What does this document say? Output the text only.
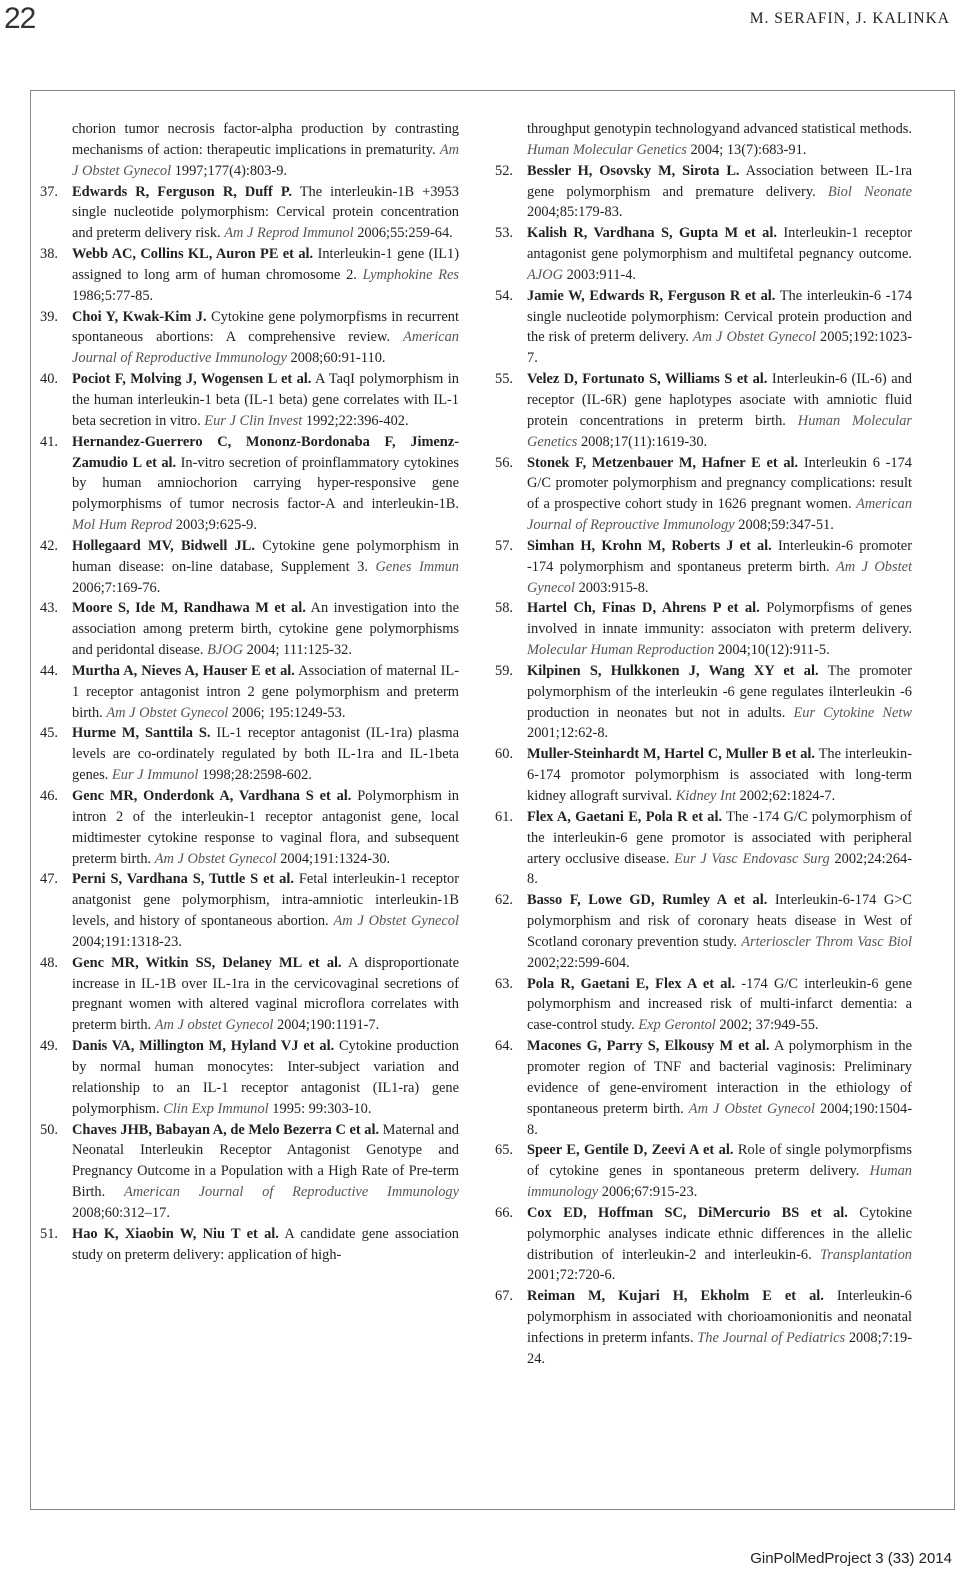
22	M. SERAFIN, J. KALINKA
chorion tumor necrosis factor-alpha production by contrasting mechanisms of action: therapeutic implications in prematurity. Am J Obstet Gynecol 1997;177(4):803-9.
37. Edwards R, Ferguson R, Duff P. The interleukin-1B +3953 single nucleotide polymorphism: Cervical protein concentration and preterm delivery risk. Am J Reprod Immunol 2006;55:259-64.
38. Webb AC, Collins KL, Auron PE et al. Interleukin-1 gene (IL1) assigned to long arm of human chromosome 2. Lymphokine Res 1986;5:77-85.
39. Choi Y, Kwak-Kim J. Cytokine gene polymorpfisms in recurrent spontaneous abortions: A comprehensive review. American Journal of Reproductive Immunology 2008;60:91-110.
40. Pociot F, Molving J, Wogensen L et al. A TaqI polymorphism in the human interleukin-1 beta (IL-1 beta) gene correlates with IL-1 beta secretion in vitro. Eur J Clin Invest 1992;22:396-402.
41. Hernandez-Guerrero C, Mononz-Bordonaba F, Jimenz-Zamudio L et al. In-vitro secretion of proinflammatory cytokines by human amniochorion carrying hyper-responsive gene polymorphisms of tumor necrosis factor-A and interleukin-1B. Mol Hum Reprod 2003;9:625-9.
42. Hollegaard MV, Bidwell JL. Cytokine gene polymorphism in human disease: on-line database, Supplement 3. Genes Immun 2006;7:169-76.
43. Moore S, Ide M, Randhawa M et al. An investigation into the association among preterm birth, cytokine gene polymorphisms and peridontal disease. BJOG 2004; 111:125-32.
44. Murtha A, Nieves A, Hauser E et al. Association of maternal IL-1 receptor antagonist intron 2 gene polymorphism and preterm birth. Am J Obstet Gynecol 2006; 195:1249-53.
45. Hurme M, Santtila S. IL-1 receptor antagonist (IL-1ra) plasma levels are co-ordinately regulated by both IL-1ra and IL-1beta genes. Eur J Immunol 1998;28:2598-602.
46. Genc MR, Onderdonk A, Vardhana S et al. Polymorphism in intron 2 of the interleukin-1 receptor antagonist gene, local midtimester cytokine response to vaginal flora, and subsequent preterm birth. Am J Obstet Gynecol 2004;191:1324-30.
47. Perni S, Vardhana S, Tuttle S et al. Fetal interleukin-1 receptor anatgonist gene polymorphism, intra-amniotic interleukin-1B levels, and history of spontaneous abortion. Am J Obstet Gynecol 2004;191:1318-23.
48. Genc MR, Witkin SS, Delaney ML et al. A disproportionate increase in IL-1B over IL-1ra in the cervicovaginal secretions of pregnant women with altered vaginal microflora correlates with preterm birth. Am J obstet Gynecol 2004;190:1191-7.
49. Danis VA, Millington M, Hyland VJ et al. Cytokine production by normal human monocytes: Inter-subject variation and relationship to an IL-1 receptor antagonist (IL1-ra) gene polymorphism. Clin Exp Immunol 1995: 99:303-10.
50. Chaves JHB, Babayan A, de Melo Bezerra C et al. Maternal and Neonatal Interleukin Receptor Antagonist Genotype and Pregnancy Outcome in a Population with a High Rate of Pre-term Birth. American Journal of Reproductive Immunology 2008;60:312–17.
51. Hao K, Xiaobin W, Niu T et al. A candidate gene association study on preterm delivery: application of high-
throughput genotypin technologyand advanced statistical methods. Human Molecular Genetics 2004; 13(7):683-91.
52. Bessler H, Osovsky M, Sirota L. Association between IL-1ra gene polymorphism and premature delivery. Biol Neonate 2004;85:179-83.
53. Kalish R, Vardhana S, Gupta M et al. Interleukin-1 receptor antagonist gene polymorphism and multifetal pegnancy outcome. AJOG 2003:911-4.
54. Jamie W, Edwards R, Ferguson R et al. The interleukin-6 -174 single nucleotide polymorphism: Cervical protein production and the risk of preterm delivery. Am J Obstet Gynecol 2005;192:1023-7.
55. Velez D, Fortunato S, Williams S et al. Interleukin-6 (IL-6) and receptor (IL-6R) gene haplotypes asociate with amniotic fluid protein concentrations in preterm birth. Human Molecular Genetics 2008;17(11):1619-30.
56. Stonek F, Metzenbauer M, Hafner E et al. Interleukin 6 -174 G/C promoter polymorphism and pregnancy complications: result of a prospective cohort study in 1626 pregnant women. American Journal of Reprouctive Immunology 2008;59:347-51.
57. Simhan H, Krohn M, Roberts J et al. Interleukin-6 promoter -174 polymorphism and spontaneus preterm birth. Am J Obstet Gynecol 2003:915-8.
58. Hartel Ch, Finas D, Ahrens P et al. Polymorpfisms of genes involved in innate immunity: associaton with preterm delivery. Molecular Human Reproduction 2004;10(12):911-5.
59. Kilpinen S, Hulkkonen J, Wang XY et al. The promoter polymorphism of the interleukin -6 gene regulates ilnterleukin -6 production in neonates but not in adults. Eur Cytokine Netw 2001;12:62-8.
60. Muller-Steinhardt M, Hartel C, Muller B et al. The interleukin-6-174 promotor polymorphism is associated with long-term kidney allograft survival. Kidney Int 2002;62:1824-7.
61. Flex A, Gaetani E, Pola R et al. The -174 G/C polymorphism of the interleukin-6 gene promotor is associated with peripheral artery occlusive disease. Eur J Vasc Endovasc Surg 2002;24:264-8.
62. Basso F, Lowe GD, Rumley A et al. Interleukin-6-174 G>C polymorphism and risk of coronary heats disease in West of Scotland coronary prevention study. Arterioscler Throm Vasc Biol 2002;22:599-604.
63. Pola R, Gaetani E, Flex A et al. -174 G/C interleukin-6 gene polymorphism and increased risk of multi-infarct dementia: a case-control study. Exp Gerontol 2002; 37:949-55.
64. Macones G, Parry S, Elkousy M et al. A polymorphism in the promoter region of TNF and bacterial vaginosis: Preliminary evidence of gene-enviroment interaction in the ethiology of spontaneous preterm birth. Am J Obstet Gynecol 2004;190:1504-8.
65. Speer E, Gentile D, Zeevi A et al. Role of single polymorpfisms of cytokine genes in spontaneous preterm delivery. Human immunology 2006;67:915-23.
66. Cox ED, Hoffman SC, DiMercurio BS et al. Cytokine polymorphic analyses indicate ethnic differences in the allelic distribution of interleukin-2 and interleukin-6. Transplantation 2001;72:720-6.
67. Reiman M, Kujari H, Ekholm E et al. Interleukin-6 polymorphism in associated with chorioamonionitis and neonatal infections in preterm infants. The Journal of Pediatrics 2008;7:19-24.
GinPolMedProject 3 (33) 2014
